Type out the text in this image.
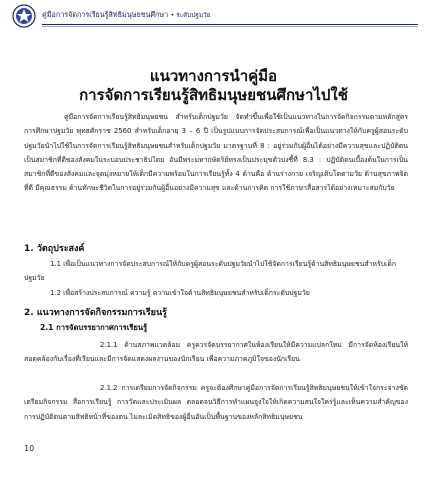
คู่มือการจัดการเรียนรู้สิทธิมนุษยชนศึกษา • ระดับปฐมวัย
แนวทางการนำคู่มือ
การจัดการเรียนรู้สิทธิมนุษยชนศึกษาไปใช้

คู่มือการจัดการเรียนรู้สิทธิมนุษยชน สำหรับเด็กปฐมวัย จัดทำขึ้นเพื่อใช้เป็นแนวทางในการจัดกิจกรรมตามหลักสูตรการศึกษาปฐมวัย พุทธศักราช 2560 สำหรับเด็กอายุ 3 – 6 ปี เป็นรูปแบบการจัดประสบการณ์เพื่อเป็นแนวทางให้กับครูผู้สอนระดับปฐมวัยนำไปใช้ในการจัดการเรียนรู้สิทธิมนุษยชนสำหรับเด็กปฐมวัย มาตรฐานที่ 8 : อยู่ร่วมกับผู้อื่นได้อย่างมีความสุขและปฏิบัติตนเป็นสมาชิกที่ดีของสังคมในระบอบประชาธิปไตย อันมีพระมหากษัตริย์ทรงเป็นประมุขตัวบ่งชี้ที่ 8.3 : ปฏิบัติตนเบื้องต้นในการเป็นสมาชิกที่ดีของสังคมและจุดมุ่งหมายให้เด็กมีความพร้อมในการเรียนรู้ทั้ง 4 ด้านคือ ด้านร่างกาย เจริญเติบโตตามวัย ด้านสุขภาพจิตที่ดี มีคุณธรรม ด้านทักษะชีวิตในการอยู่ร่วมกันผู้อื่นอย่างมีความสุข และด้านการคิด การใช้ภาษาสื่อสารได้อย่างเหมาะสมกับวัย

1. วัตถุประสงค์

1.1 เพื่อเป็นแนวทางการจัดประสบการณ์ให้กับครูผู้สอนระดับปฐมวัยนำไปใช้จัดการเรียนรู้ด้านสิทธิมนุษยชนสำหรับเด็กปฐมวัย

1.2 เพื่อสร้างประสบการณ์ ความรู้ ความเข้าใจด้านสิทธิมนุษยชนสำหรับเด็กระดับปฐมวัย

2. แนวทางการจัดกิจกรรมการเรียนรู้
2.1 การจัดบรรยากาศการเรียนรู้

2.1.1 ด้านสภาพแวดล้อม ครูควรจัดบรรยากาศในห้องเรียนให้มีความแปลกใหม่ มีการจัดห้องเรียนให้สอดคล้องกับเรื่องที่เรียนและมีการจัดแสดงผลงานของนักเรียน เพื่อความภาคภูมิใจของนักเรียน

2.1.2 การเตรียมการจัดกิจกรรม ครูจะต้องศึกษาคู่มือการจัดการเรียนรู้สิทธิมนุษยชนให้เข้าใจกระจ่างชัด เตรียมกิจกรรม สื่อการเรียนรู้ การวัดและประเมินผล ตลอดจนวิธีการทำแผนจูงใจให้เกิดความสนใจใคร่รู้และเห็นความสำคัญของการปฏิบัติตนตามสิทธิหน้าที่ของตน ไม่ละเมิดสิทธิของผู้อื่นอันเป็นพื้นฐานของหลักสิทธิมนุษยชน

10
